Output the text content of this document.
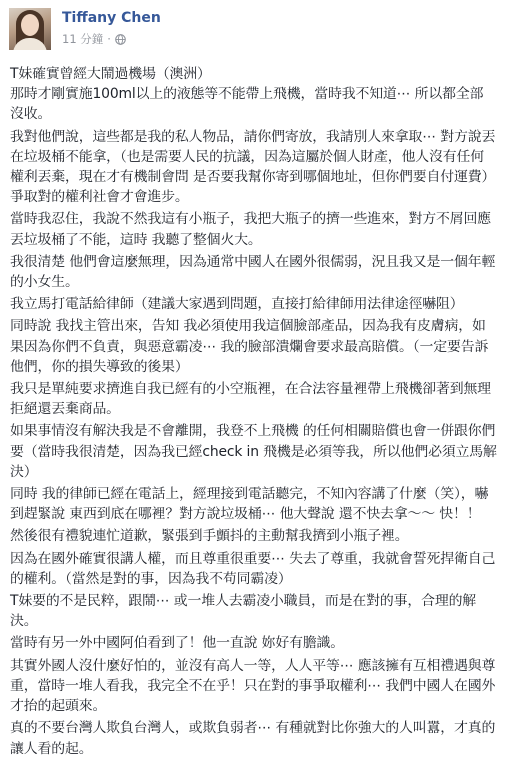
Tiffany Chen
11 分鐘 ·

T妹確實曾經大鬧過機場（澳洲）
那時才剛實施100ml以上的液態等不能帶上飛機，當時我不知道⋯ 所以都全部沒收。

我對他們說，這些都是我的私人物品，請你們寄放，我請別人來拿取⋯ 對方說丟在垃圾桶不能拿，（也是需要人民的抗議，因為這屬於個人財產，他人沒有任何權利丟棄，現在才有機制會問 是否要我幫你寄到哪個地址，但你們要自付運費）爭取對的權利社會才會進步。

當時我忍住，我說不然我這有小瓶子，我把大瓶子的擠一些進來，對方不屑回應 丟垃圾桶了不能，這時 我聽了整個火大。

我很清楚 他們會這麼無理，因為通常中國人在國外很儒弱，況且我又是一個年輕的小女生。

我立馬打電話給律師（建議大家遇到問題，直接打給律師用法律途徑嚇阻）

同時說 我找主管出來，告知 我必須使用我這個臉部產品，因為我有皮膚病，如果因為你們不負責，與惡意霸凌⋯ 我的臉部潰爛會要求最高賠償。（一定要告訴他們，你的損失導致的後果）

我只是單純要求擠進自我已經有的小空瓶裡，在合法容量裡帶上飛機卻著到無理拒絕還丟棄商品。

如果事情沒有解決我是不會離開，我登不上飛機 的任何相關賠償也會一併跟你們要（當時我很清楚，因為我已經check in 飛機是必須等我，所以他們必須立馬解決）

同時 我的律師已經在電話上，經理接到電話聽完，不知內容講了什麼（笑），嚇到趕緊說 東西到底在哪裡？對方說垃圾桶⋯ 他大聲說 還不快去拿～～ 快！！

然後很有禮貌連忙道歉，緊張到手顫抖的主動幫我擠到小瓶子裡。

因為在國外確實很講人權，而且尊重很重要⋯ 失去了尊重，我就會誓死捍衛自己的權利。（當然是對的事，因為我不苟同霸凌）

T妹要的不是民粹，跟鬧⋯ 或一堆人去霸凌小職員，而是在對的事，合理的解決。

當時有另一外中國阿伯看到了！他一直說 妳好有膽識。

其實外國人沒什麼好怕的，並沒有高人一等，人人平等⋯ 應該擁有互相禮遇與尊重，當時一堆人看我，我完全不在乎！只在對的事爭取權利⋯ 我們中國人在國外才抬的起頭來。

真的不要台灣人欺負台灣人，或欺負弱者⋯ 有種就對比你強大的人叫囂，才真的讓人看的起。
